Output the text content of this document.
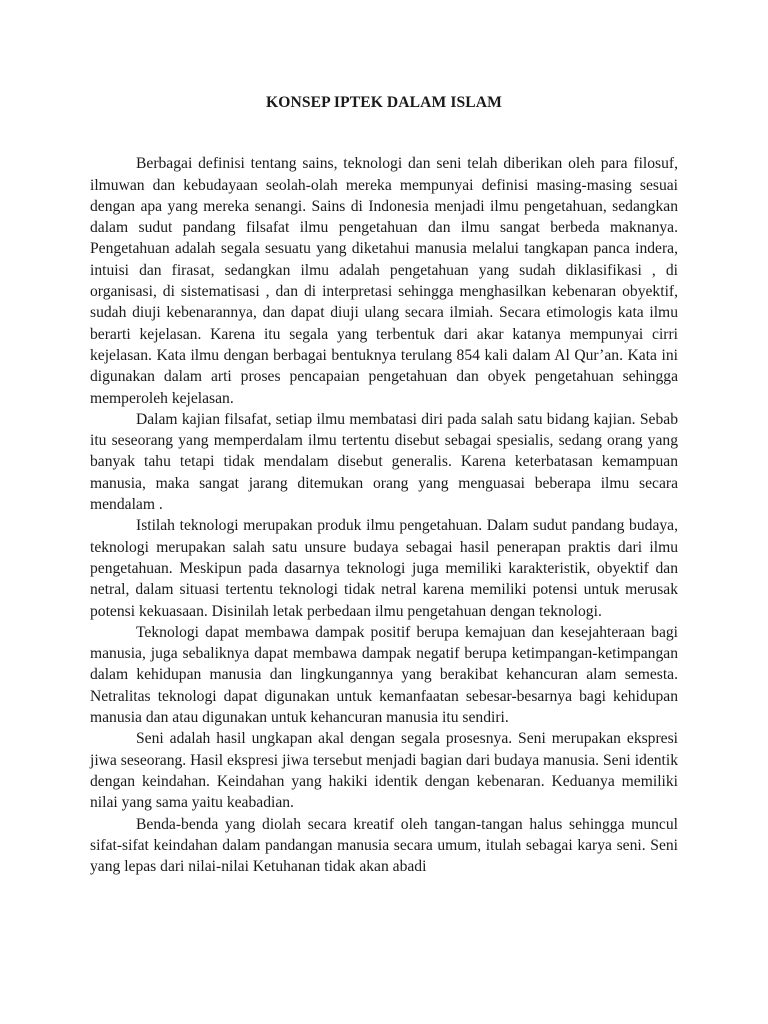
KONSEP IPTEK DALAM ISLAM

Berbagai definisi tentang sains, teknologi dan seni telah diberikan oleh para filosuf, ilmuwan dan kebudayaan seolah-olah mereka mempunyai definisi masing-masing sesuai dengan apa yang mereka senangi. Sains di Indonesia menjadi ilmu pengetahuan, sedangkan dalam sudut pandang filsafat ilmu pengetahuan dan ilmu sangat berbeda maknanya. Pengetahuan adalah segala sesuatu yang diketahui manusia melalui tangkapan panca indera, intuisi dan firasat, sedangkan ilmu adalah pengetahuan yang sudah diklasifikasi , di organisasi, di sistematisasi , dan di interpretasi sehingga menghasilkan kebenaran obyektif, sudah diuji kebenarannya, dan dapat diuji ulang secara ilmiah. Secara etimologis kata ilmu berarti kejelasan. Karena itu segala yang terbentuk dari akar katanya mempunyai cirri kejelasan. Kata ilmu dengan berbagai bentuknya terulang 854 kali dalam Al Qur’an. Kata ini digunakan dalam arti proses pencapaian pengetahuan dan obyek pengetahuan sehingga memperoleh kejelasan.

Dalam kajian filsafat, setiap ilmu membatasi diri pada salah satu bidang kajian. Sebab itu seseorang yang memperdalam ilmu tertentu disebut sebagai spesialis, sedang orang yang banyak tahu tetapi tidak mendalam disebut generalis. Karena keterbatasan kemampuan manusia, maka sangat jarang ditemukan orang yang menguasai beberapa ilmu secara mendalam .

Istilah teknologi merupakan produk ilmu pengetahuan. Dalam sudut pandang budaya, teknologi merupakan salah satu unsure budaya sebagai hasil penerapan praktis dari ilmu pengetahuan. Meskipun pada dasarnya teknologi juga memiliki karakteristik, obyektif dan netral, dalam situasi tertentu teknologi tidak netral karena memiliki potensi untuk merusak potensi kekuasaan. Disinilah letak perbedaan ilmu pengetahuan dengan teknologi.

Teknologi dapat membawa dampak positif berupa kemajuan dan kesejahteraan bagi manusia, juga sebaliknya dapat membawa dampak negatif berupa ketimpangan-ketimpangan dalam kehidupan manusia dan lingkungannya yang berakibat kehancuran alam semesta. Netralitas teknologi dapat digunakan untuk kemanfaatan sebesar-besarnya bagi kehidupan manusia dan atau digunakan untuk kehancuran manusia itu sendiri.

Seni adalah hasil ungkapan akal dengan segala prosesnya. Seni merupakan ekspresi jiwa seseorang. Hasil ekspresi jiwa tersebut menjadi bagian dari budaya manusia. Seni identik dengan keindahan. Keindahan yang hakiki identik dengan kebenaran. Keduanya memiliki nilai yang sama yaitu keabadian.

Benda-benda yang diolah secara kreatif oleh tangan-tangan halus sehingga muncul sifat-sifat keindahan dalam pandangan manusia secara umum, itulah sebagai karya seni. Seni yang lepas dari nilai-nilai Ketuhanan tidak akan abadi
